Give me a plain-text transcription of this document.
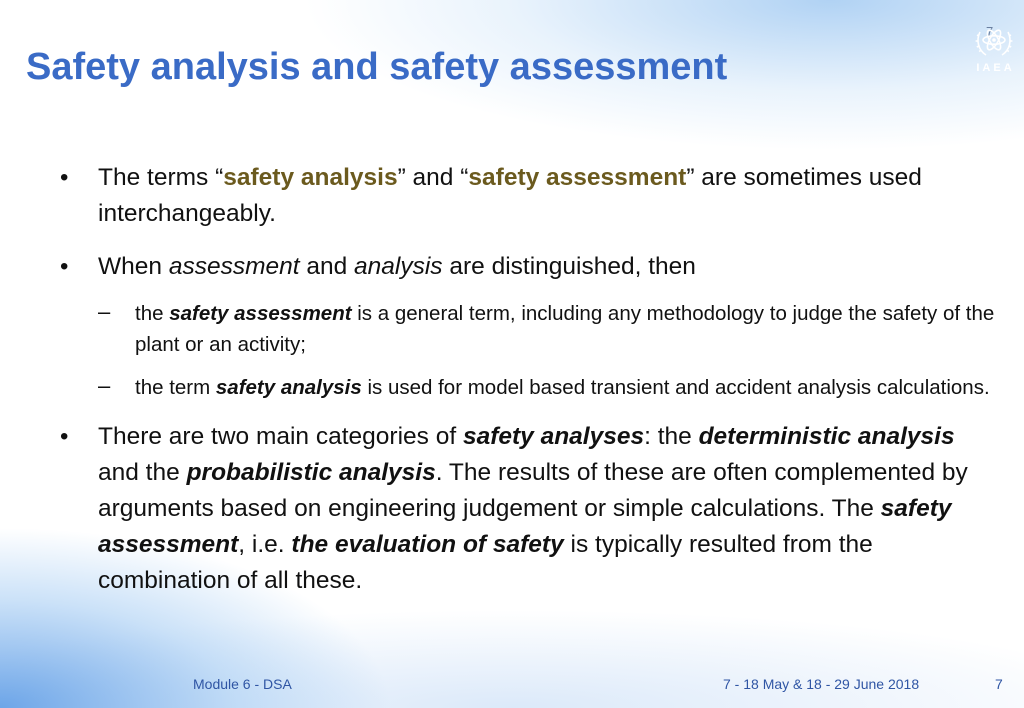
7
IAEA
Safety analysis and safety assessment
• The terms “safety analysis” and “safety assessment” are sometimes used interchangeably.
• When assessment and analysis are distinguished, then
– the safety assessment is a general term, including any methodology to judge the safety of the plant or an activity;
– the term safety analysis is used for model based transient and accident analysis calculations.
• There are two main categories of safety analyses: the deterministic analysis and the probabilistic analysis. The results of these are often complemented by arguments based on engineering judgement or simple calculations. The safety assessment, i.e. the evaluation of safety is typically resulted from the combination of all these.
Module 6 - DSA	7 - 18 May & 18 - 29 June 2018	7
